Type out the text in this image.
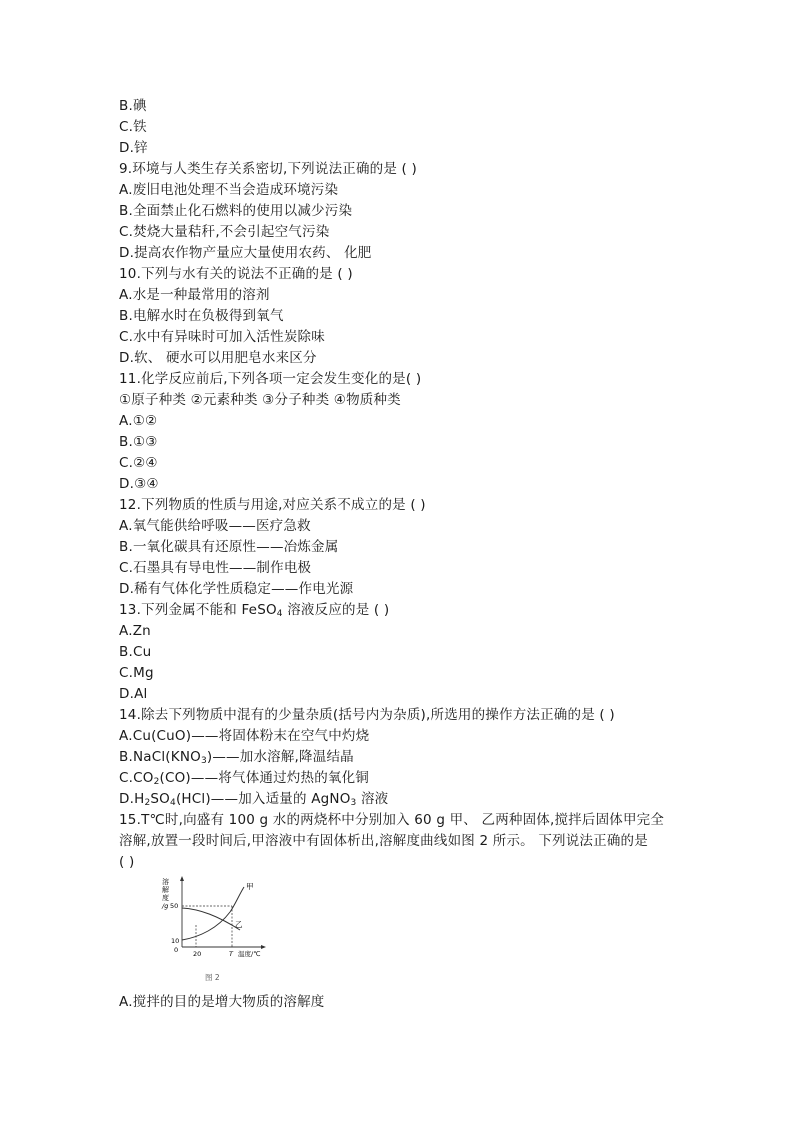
B.碘
C.铁
D.锌
9.环境与人类生存关系密切,下列说法正确的是 ( )
A.废旧电池处理不当会造成环境污染
B.全面禁止化石燃料的使用以减少污染
C.焚烧大量秸秆,不会引起空气污染
D.提高农作物产量应大量使用农药、 化肥
10.下列与水有关的说法不正确的是 ( )
A.水是一种最常用的溶剂
B.电解水时在负极得到氧气
C.水中有异味时可加入活性炭除味
D.软、 硬水可以用肥皂水来区分
11.化学反应前后,下列各项一定会发生变化的是( )
①原子种类 ②元素种类 ③分子种类 ④物质种类
A.①②
B.①③
C.②④
D.③④
12.下列物质的性质与用途,对应关系不成立的是 ( )
A.氧气能供给呼吸——医疗急救
B.一氧化碳具有还原性——冶炼金属
C.石墨具有导电性——制作电极
D.稀有气体化学性质稳定——作电光源
13.下列金属不能和 FeSO$_4$ 溶液反应的是 ( )
A.Zn
B.Cu
C.Mg
D.Al
14.除去下列物质中混有的少量杂质(括号内为杂质),所选用的操作方法正确的是 ( )
A.Cu(CuO)——将固体粉末在空气中灼烧
$B.NaCl(KNO_3)——$加水溶解,降温结晶
$C.CO_2(CO)——$将气体通过灼热的氧化铜
$D.H_2SO_4(HCl)——$加入适量的 AgNO$_3$ 溶液
15.T℃时,向盛有 100 g 水的两烧杯中分别加入 60 g 甲、 乙两种固体,搅拌后固体甲完全
溶解,放置一段时间后,甲溶液中有固体析出,溶解度曲线如图 2 所示。 下列说法正确的是
( )
溶
解
度
/g 50
10
0
甲
乙
20	T 温度/℃
图 2
A.搅拌的目的是增大物质的溶解度
